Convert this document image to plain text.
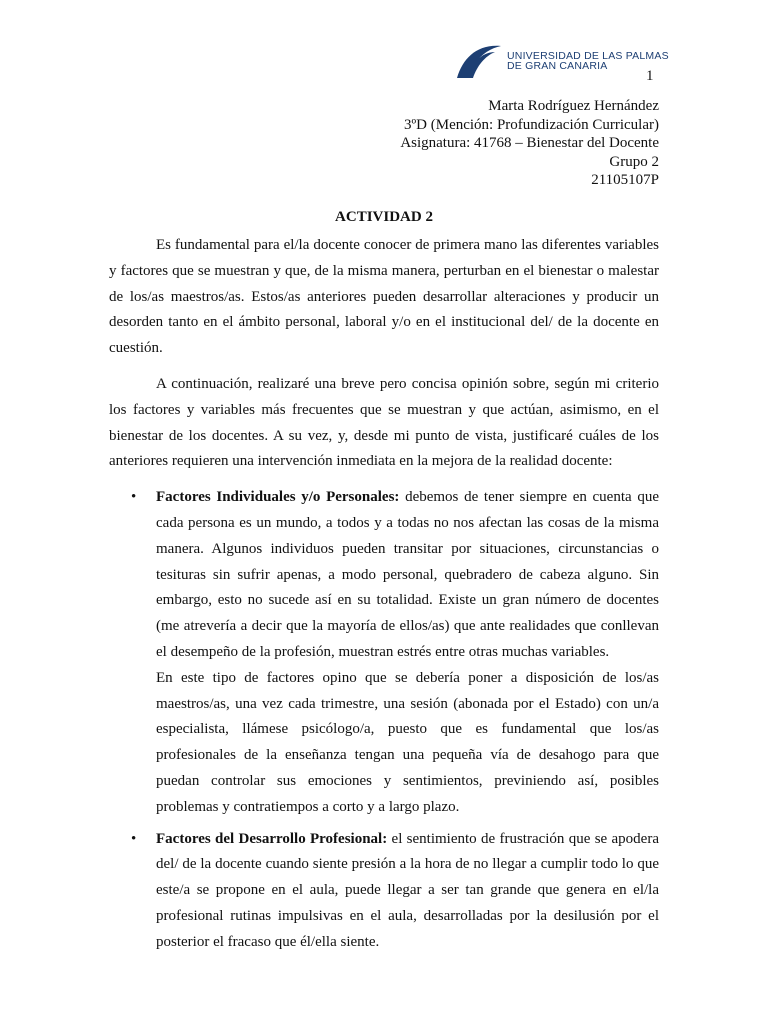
UNIVERSIDAD DE LAS PALMAS
DE GRAN CANARIA
1
Marta Rodríguez Hernández
3ºD (Mención: Profundización Curricular)
Asignatura: 41768 – Bienestar del Docente
Grupo 2
21105107P
ACTIVIDAD 2

Es fundamental para el/la docente conocer de primera mano las diferentes variables y factores que se muestran y que, de la misma manera, perturban en el bienestar o malestar de los/as maestros/as. Estos/as anteriores pueden desarrollar alteraciones y producir un desorden tanto en el ámbito personal, laboral y/o en el institucional del/ de la docente en cuestión.

A continuación, realizaré una breve pero concisa opinión sobre, según mi criterio los factores y variables más frecuentes que se muestran y que actúan, asimismo, en el bienestar de los docentes. A su vez, y, desde mi punto de vista, justificaré cuáles de los anteriores requieren una intervención inmediata en la mejora de la realidad docente:

• Factores Individuales y/o Personales: debemos de tener siempre en cuenta que cada persona es un mundo, a todos y a todas no nos afectan las cosas de la misma manera. Algunos individuos pueden transitar por situaciones, circunstancias o tesituras sin sufrir apenas, a modo personal, quebradero de cabeza alguno. Sin embargo, esto no sucede así en su totalidad. Existe un gran número de docentes (me atrevería a decir que la mayoría de ellos/as) que ante realidades que conllevan el desempeño de la profesión, muestran estrés entre otras muchas variables.

En este tipo de factores opino que se debería poner a disposición de los/as maestros/as, una vez cada trimestre, una sesión (abonada por el Estado) con un/a especialista, llámese psicólogo/a, puesto que es fundamental que los/as profesionales de la enseñanza tengan una pequeña vía de desahogo para que puedan controlar sus emociones y sentimientos, previniendo así, posibles problemas y contratiempos a corto y a largo plazo.

• Factores del Desarrollo Profesional: el sentimiento de frustración que se apodera del/ de la docente cuando siente presión a la hora de no llegar a cumplir todo lo que este/a se propone en el aula, puede llegar a ser tan grande que genera en el/la profesional rutinas impulsivas en el aula, desarrolladas por la desilusión por el posterior el fracaso que él/ella siente.
